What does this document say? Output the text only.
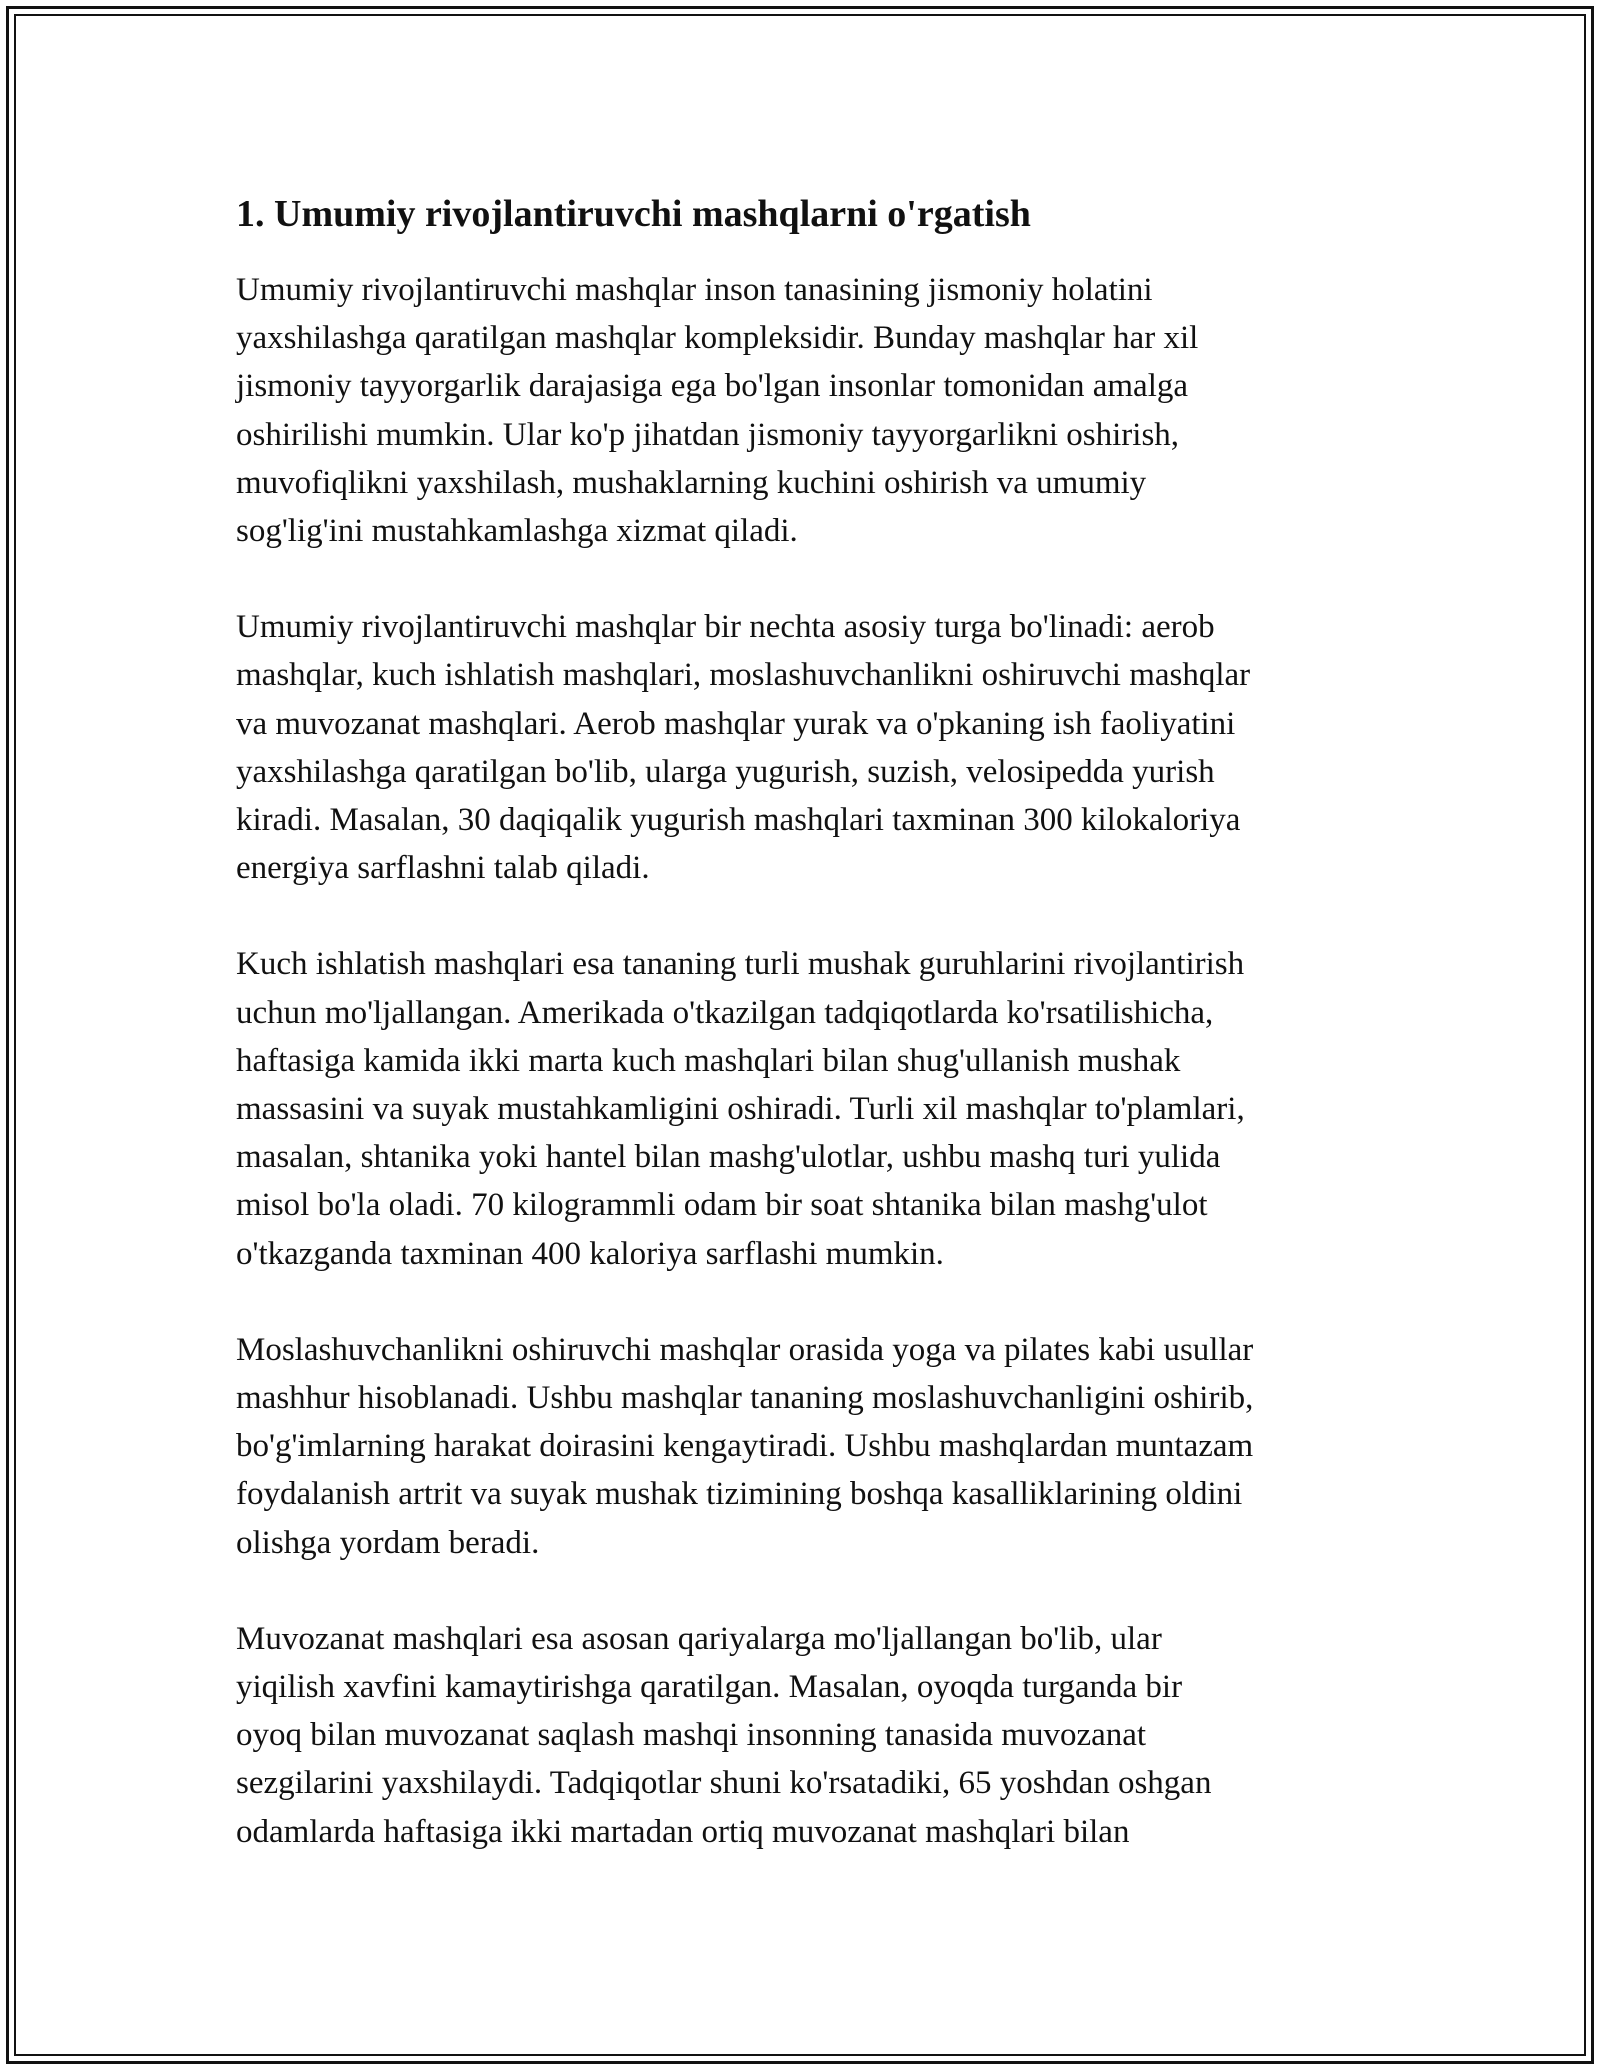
1. Umumiy rivojlantiruvchi mashqlarni o'rgatish

Umumiy rivojlantiruvchi mashqlar inson tanasining jismoniy holatini
yaxshilashga qaratilgan mashqlar kompleksidir. Bunday mashqlar har xil
jismoniy tayyorgarlik darajasiga ega bo'lgan insonlar tomonidan amalga
oshirilishi mumkin. Ular ko'p jihatdan jismoniy tayyorgarlikni oshirish,
muvofiqlikni yaxshilash, mushaklarning kuchini oshirish va umumiy
sog'lig'ini mustahkamlashga xizmat qiladi.

Umumiy rivojlantiruvchi mashqlar bir nechta asosiy turga bo'linadi: aerob
mashqlar, kuch ishlatish mashqlari, moslashuvchanlikni oshiruvchi mashqlar
va muvozanat mashqlari. Aerob mashqlar yurak va o'pkaning ish faoliyatini
yaxshilashga qaratilgan bo'lib, ularga yugurish, suzish, velosipedda yurish
kiradi. Masalan, 30 daqiqalik yugurish mashqlari taxminan 300 kilokaloriya
energiya sarflashni talab qiladi.

Kuch ishlatish mashqlari esa tananing turli mushak guruhlarini rivojlantirish
uchun mo'ljallangan. Amerikada o'tkazilgan tadqiqotlarda ko'rsatilishicha,
haftasiga kamida ikki marta kuch mashqlari bilan shug'ullanish mushak
massasini va suyak mustahkamligini oshiradi. Turli xil mashqlar to'plamlari,
masalan, shtanika yoki hantel bilan mashg'ulotlar, ushbu mashq turi yulida
misol bo'la oladi. 70 kilogrammli odam bir soat shtanika bilan mashg'ulot
o'tkazganda taxminan 400 kaloriya sarflashi mumkin.

Moslashuvchanlikni oshiruvchi mashqlar orasida yoga va pilates kabi usullar
mashhur hisoblanadi. Ushbu mashqlar tananing moslashuvchanligini oshirib,
bo'g'imlarning harakat doirasini kengaytiradi. Ushbu mashqlardan muntazam
foydalanish artrit va suyak mushak tizimining boshqa kasalliklarining oldini
olishga yordam beradi.

Muvozanat mashqlari esa asosan qariyalarga mo'ljallangan bo'lib, ular
yiqilish xavfini kamaytirishga qaratilgan. Masalan, oyoqda turganda bir
oyoq bilan muvozanat saqlash mashqi insonning tanasida muvozanat
sezgilarini yaxshilaydi. Tadqiqotlar shuni ko'rsatadiki, 65 yoshdan oshgan
odamlarda haftasiga ikki martadan ortiq muvozanat mashqlari bilan
